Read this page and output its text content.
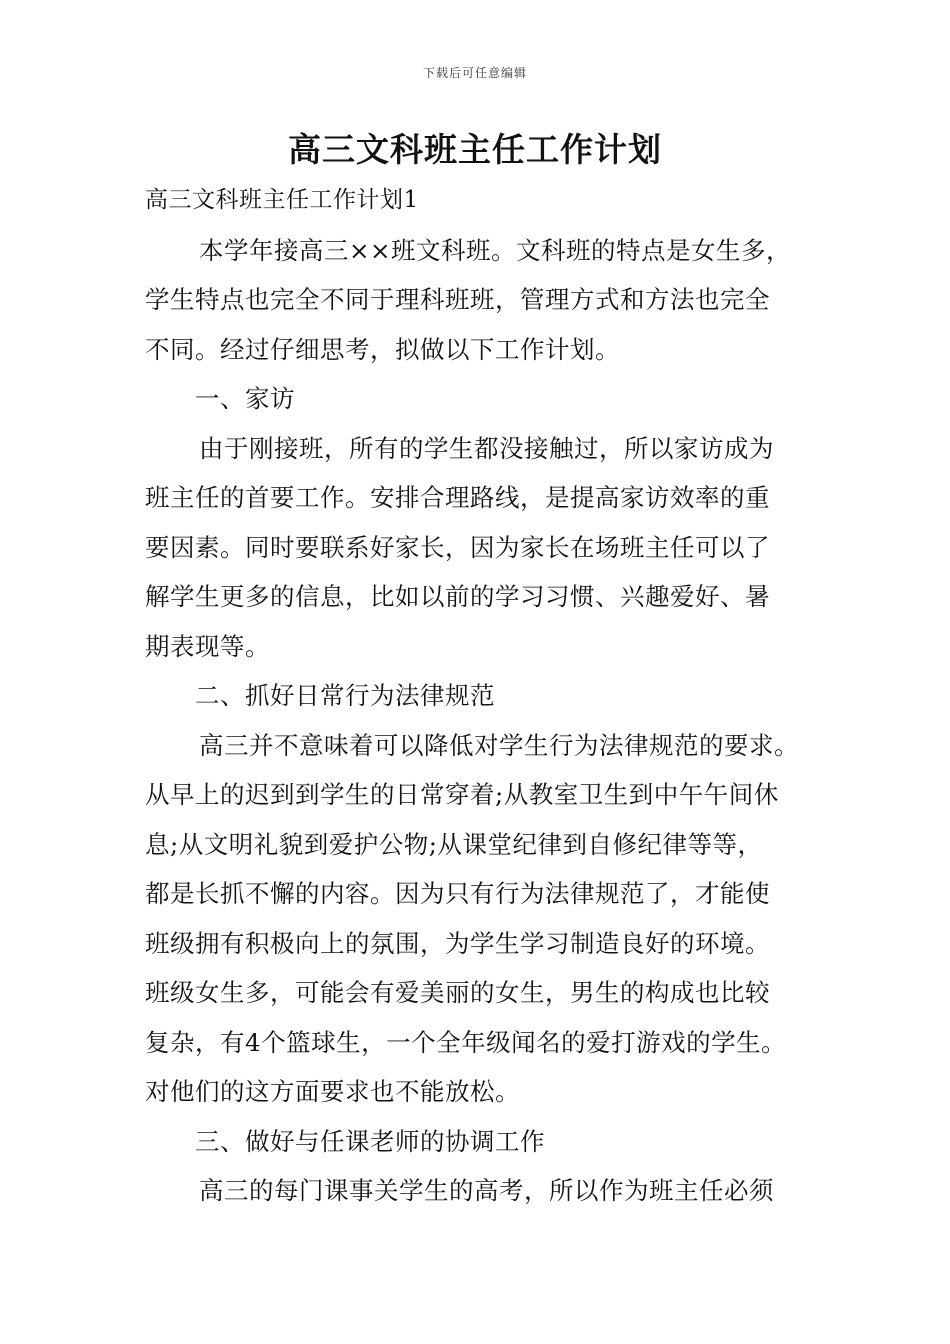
下载后可任意编辑
高三文科班主任工作计划
高三文科班主任工作计划1
本学年接高三××班文科班。文科班的特点是女生多，
学生特点也完全不同于理科班班，管理方式和方法也完全
不同。经过仔细思考，拟做以下工作计划。
一、家访
由于刚接班，所有的学生都没接触过，所以家访成为
班主任的首要工作。安排合理路线，是提高家访效率的重
要因素。同时要联系好家长，因为家长在场班主任可以了
解学生更多的信息，比如以前的学习习惯、兴趣爱好、暑
期表现等。
二、抓好日常行为法律规范
高三并不意味着可以降低对学生行为法律规范的要求。
从早上的迟到到学生的日常穿着;从教室卫生到中午午间休
息;从文明礼貌到爱护公物;从课堂纪律到自修纪律等等，
都是长抓不懈的内容。因为只有行为法律规范了，才能使
班级拥有积极向上的氛围，为学生学习制造良好的环境。
班级女生多，可能会有爱美丽的女生，男生的构成也比较
复杂，有4个篮球生，一个全年级闻名的爱打游戏的学生。
对他们的这方面要求也不能放松。
三、做好与任课老师的协调工作
高三的每门课事关学生的高考，所以作为班主任必须
